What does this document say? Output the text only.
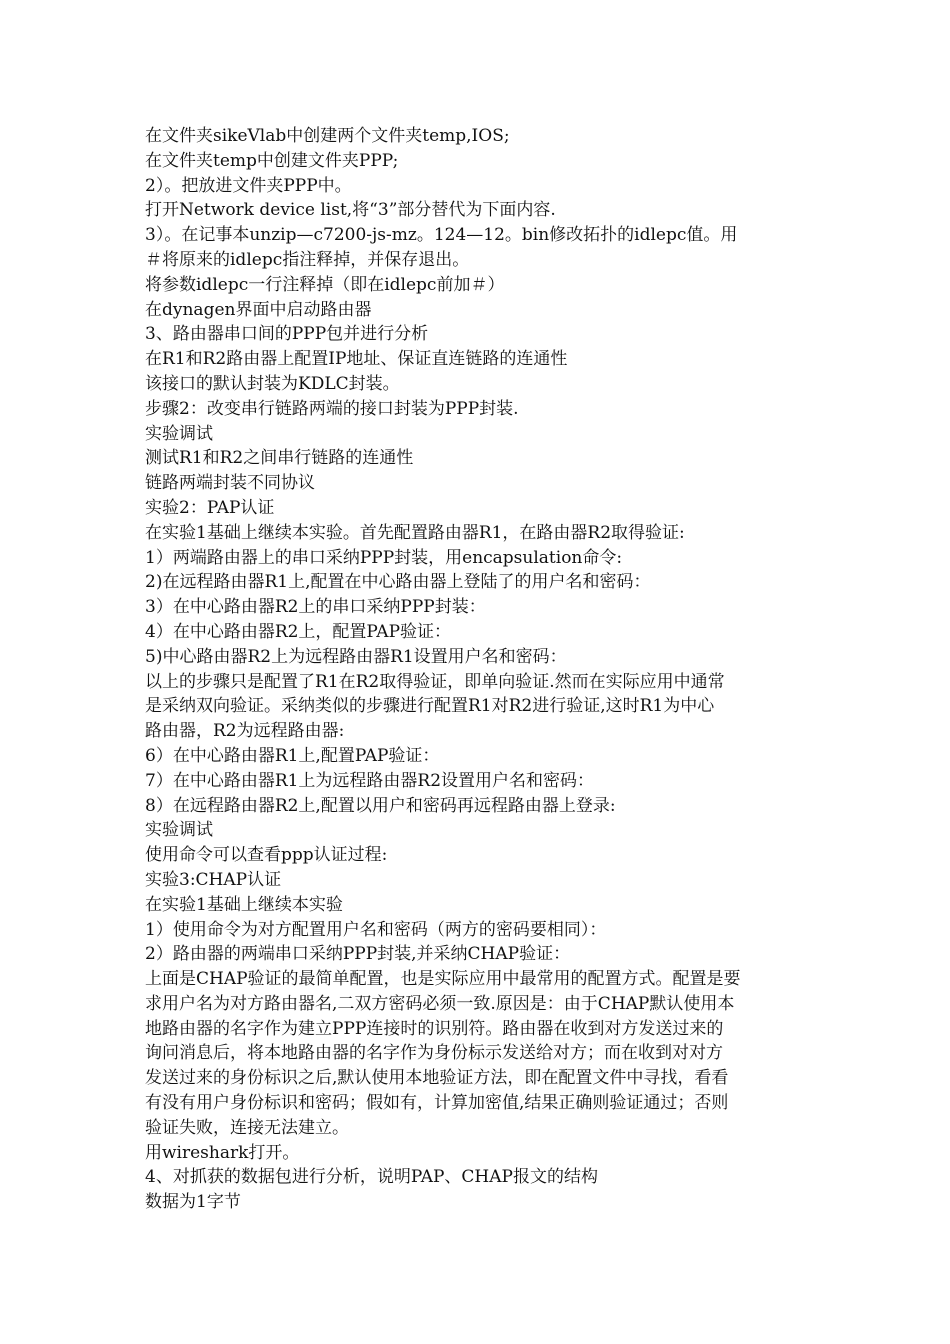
在文件夹sikeVlab中创建两个文件夹temp,IOS;
在文件夹temp中创建文件夹PPP;
2）。把放进文件夹PPP中。
打开Network device list,将“3”部分替代为下面内容.
3）。在记事本unzip—c7200-js-mz。124—12。bin修改拓扑的idlepc值。用
＃将原来的idlepc指注释掉，并保存退出。
将参数idlepc一行注释掉（即在idlepc前加＃）
在dynagen界面中启动路由器
3、路由器串口间的PPP包并进行分析
在R1和R2路由器上配置IP地址、保证直连链路的连通性
该接口的默认封装为KDLC封装。
步骤2：改变串行链路两端的接口封装为PPP封装.
实验调试
测试R1和R2之间串行链路的连通性
链路两端封装不同协议
实验2：PAP认证
在实验1基础上继续本实验。首先配置路由器R1，在路由器R2取得验证:
1）两端路由器上的串口采纳PPP封装，用encapsulation命令:
2)在远程路由器R1上,配置在中心路由器上登陆了的用户名和密码：
3）在中心路由器R2上的串口采纳PPP封装：
4）在中心路由器R2上，配置PAP验证：
5)中心路由器R2上为远程路由器R1设置用户名和密码：
以上的步骤只是配置了R1在R2取得验证，即单向验证.然而在实际应用中通常
是采纳双向验证。采纳类似的步骤进行配置R1对R2进行验证,这时R1为中心
路由器，R2为远程路由器:
6）在中心路由器R1上,配置PAP验证：
7）在中心路由器R1上为远程路由器R2设置用户名和密码：
8）在远程路由器R2上,配置以用户和密码再远程路由器上登录:
实验调试
使用命令可以查看ppp认证过程:
实验3:CHAP认证
在实验1基础上继续本实验
1）使用命令为对方配置用户名和密码（两方的密码要相同）：
2）路由器的两端串口采纳PPP封装,并采纳CHAP验证：
上面是CHAP验证的最简单配置，也是实际应用中最常用的配置方式。配置是要
求用户名为对方路由器名,二双方密码必须一致.原因是：由于CHAP默认使用本
地路由器的名字作为建立PPP连接时的识别符。路由器在收到对方发送过来的
询问消息后，将本地路由器的名字作为身份标示发送给对方；而在收到对对方
发送过来的身份标识之后,默认使用本地验证方法，即在配置文件中寻找，看看
有没有用户身份标识和密码；假如有，计算加密值,结果正确则验证通过；否则
验证失败，连接无法建立。
用wireshark打开。
4、对抓获的数据包进行分析，说明PAP、CHAP报文的结构
数据为1字节
